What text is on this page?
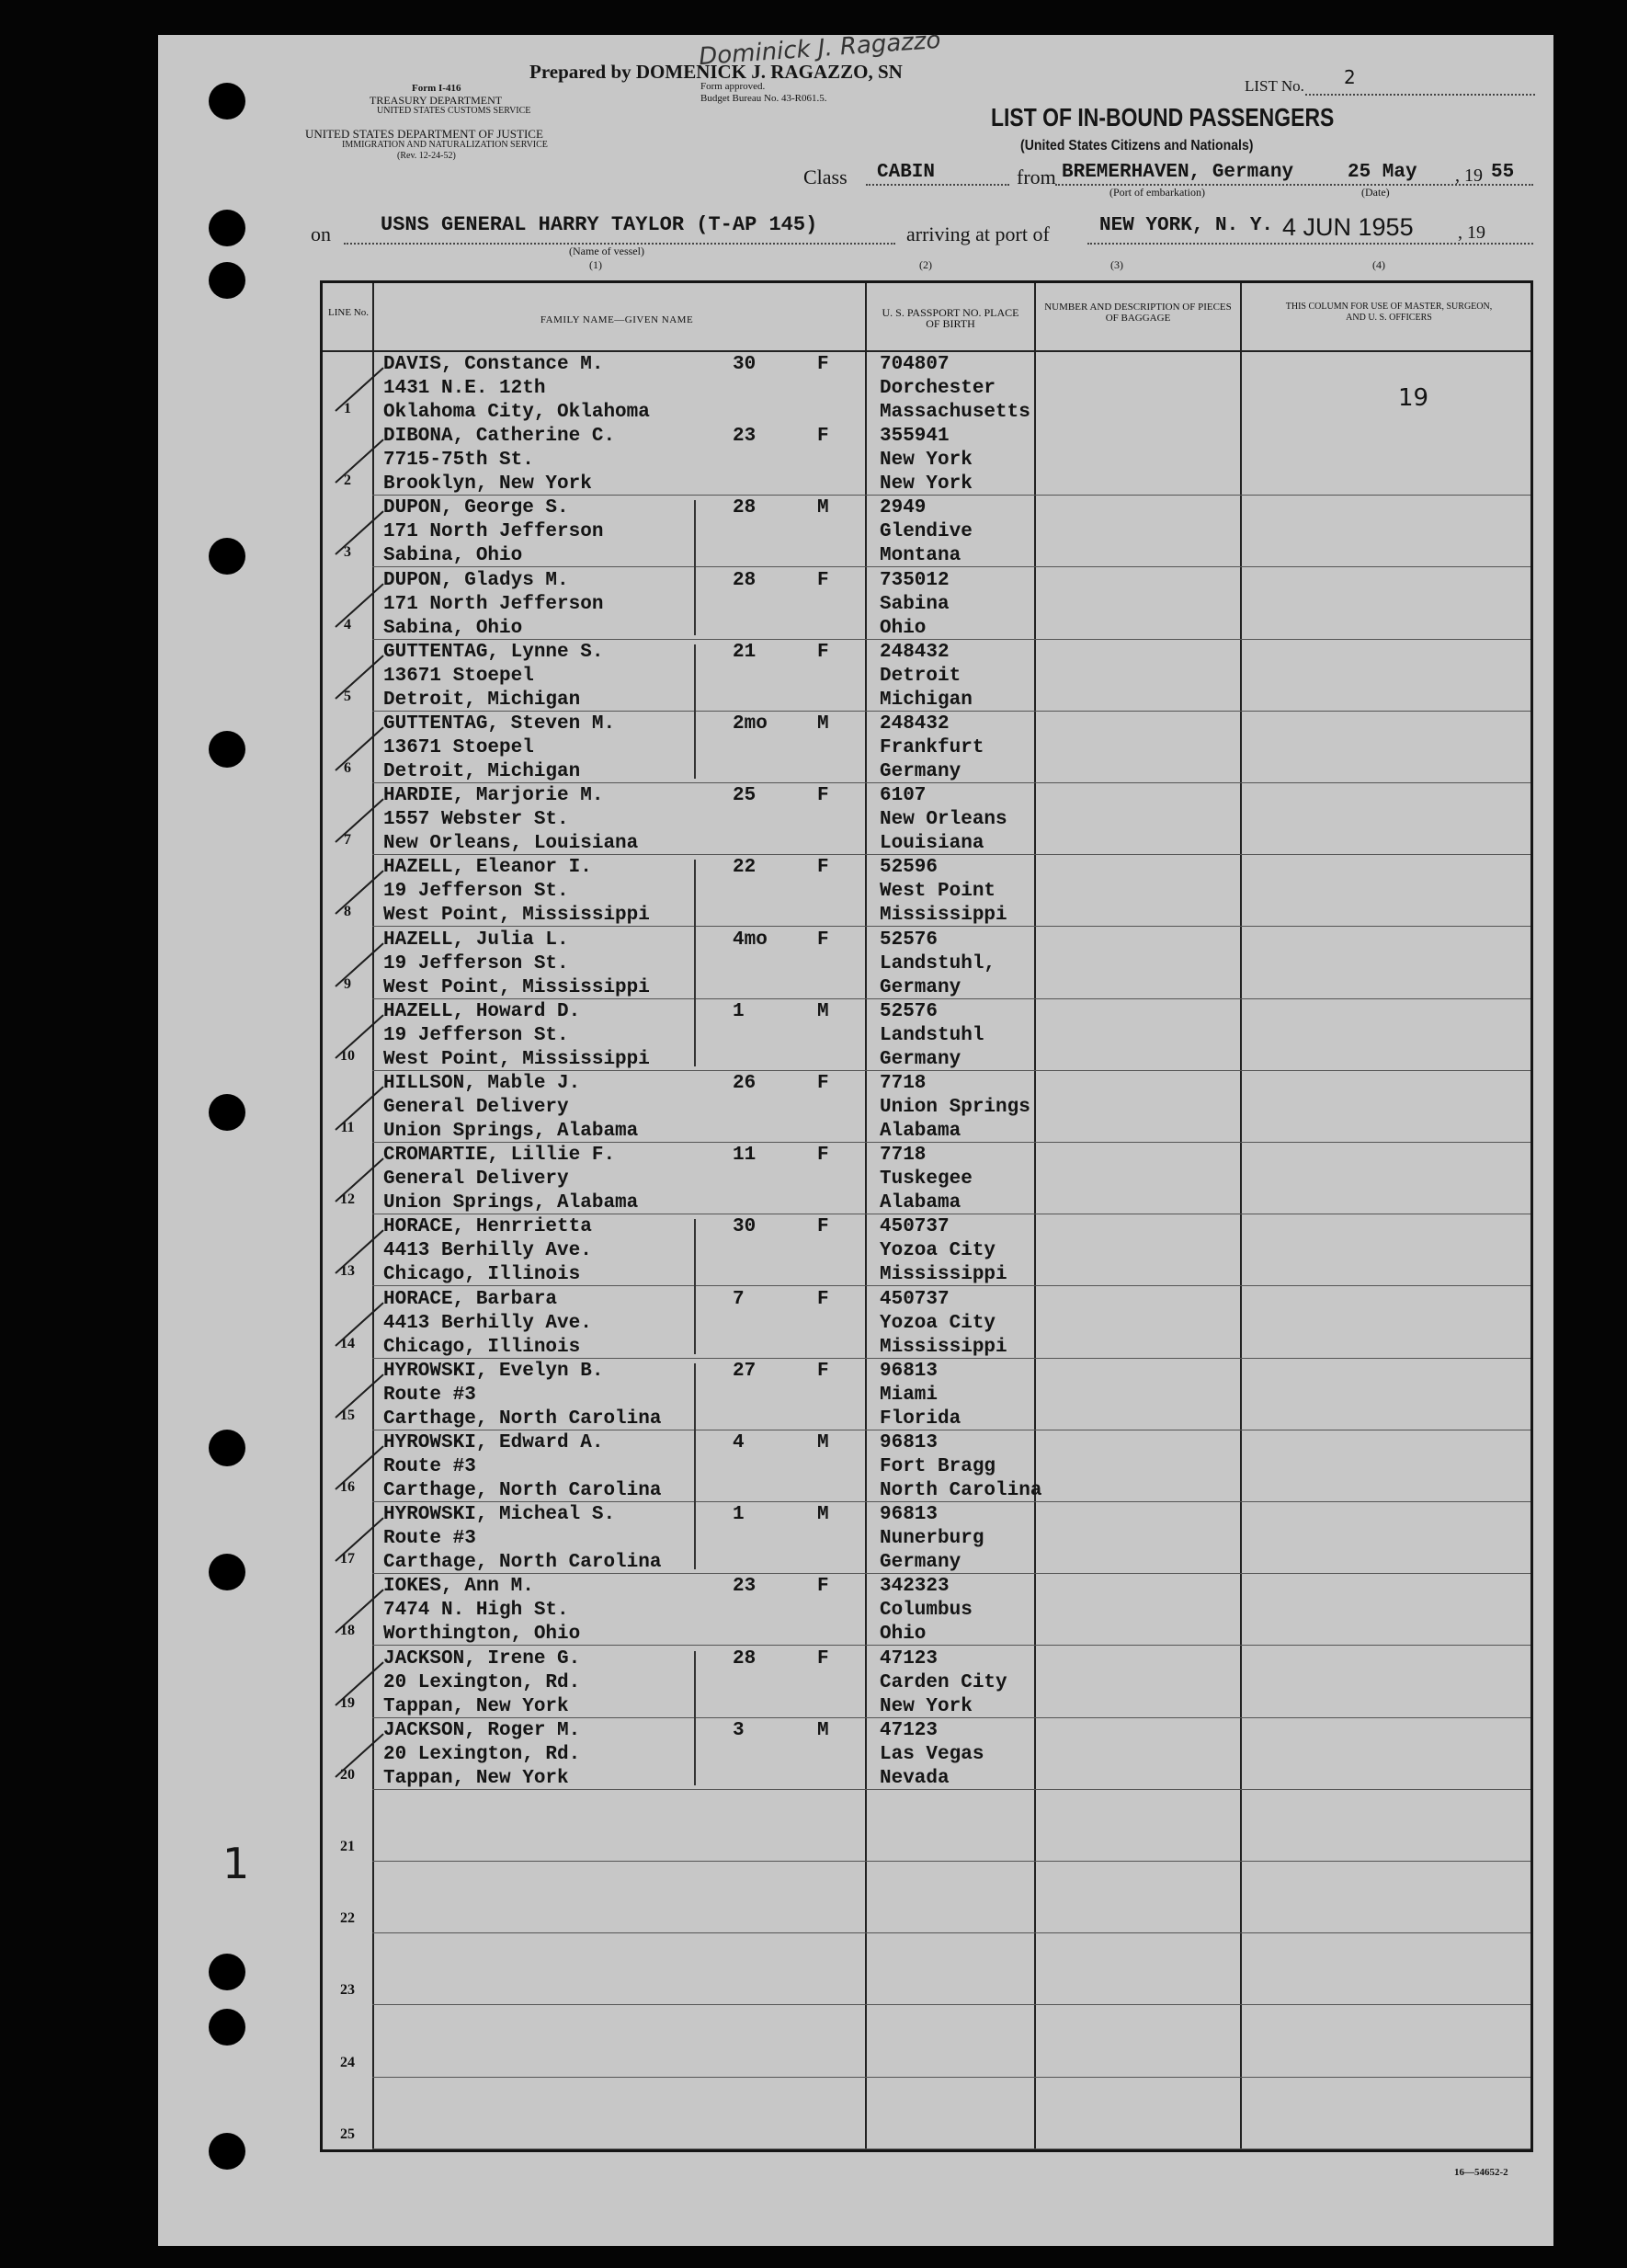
Prepared by DOMENICK J. RAGAZZO, SN
Dominick J. Ragazzo
Form I-416
TREASURY DEPARTMENT
UNITED STATES CUSTOMS SERVICE
Form approved.
Budget Bureau No. 43-R061.5.
UNITED STATES DEPARTMENT OF JUSTICE
IMMIGRATION AND NATURALIZATION SERVICE
(Rev. 12-24-52)
LIST No. 2
LIST OF IN-BOUND PASSENGERS
(United States Citizens and Nationals)
Class CABIN	from BREMERHAVEN, Germany	25 May , 19 55
(Port of embarkation)	(Date)
on USNS GENERAL HARRY TAYLOR (T-AP 145)	arriving at port of	NEW YORK, N. Y. 4 JUN 1955 , 19
(Name of vessel)
(1)	(2)	(3)	(4)
LINE No.
FAMILY NAME—GIVEN NAME
U. S. PASSPORT NO. PLACE OF BIRTH
NUMBER AND DESCRIPTION OF PIECES OF BAGGAGE
THIS COLUMN FOR USE OF MASTER, SURGEON, AND U. S. OFFICERS
1
DAVIS, Constance M.
1431 N.E. 12th
Oklahoma City, Oklahoma
30	F	704807
Dorchester
Massachusetts
2
DIBONA, Catherine C.
7715-75th St.
Brooklyn, New York
23	F	355941
New York
New York
3
DUPON, George S.
171 North Jefferson
Sabina, Ohio
28	M	2949
Glendive
Montana
4
DUPON, Gladys M.
171 North Jefferson
Sabina, Ohio
28	F	735012
Sabina
Ohio
5
GUTTENTAG, Lynne S.
13671 Stoepel
Detroit, Michigan
21	F	248432
Detroit
Michigan
6
GUTTENTAG, Steven M.
13671 Stoepel
Detroit, Michigan
2mo	M	248432
Frankfurt
Germany
7
HARDIE, Marjorie M.
1557 Webster St.
New Orleans, Louisiana
25	F	6107
New Orleans
Louisiana
8
HAZELL, Eleanor I.
19 Jefferson St.
West Point, Mississippi
22	F	52596
West Point
Mississippi
9
HAZELL, Julia L.
19 Jefferson St.
West Point, Mississippi
4mo	F	52576
Landstuhl,
Germany
10
HAZELL, Howard D.
19 Jefferson St.
West Point, Mississippi
1	M	52576
Landstuhl
Germany
11
HILLSON, Mable J.
General Delivery
Union Springs, Alabama
26	F	7718
Union Springs
Alabama
12
CROMARTIE, Lillie F.
General Delivery
Union Springs, Alabama
11	F	7718
Tuskegee
Alabama
13
HORACE, Henrrietta
4413 Berhilly Ave.
Chicago, Illinois
30	F	450737
Yozoa City
Mississippi
14
HORACE, Barbara
4413 Berhilly Ave.
Chicago, Illinois
7	F	450737
Yozoa City
Mississippi
15
HYROWSKI, Evelyn B.
Route #3
Carthage, North Carolina
27	F	96813
Miami
Florida
16
HYROWSKI, Edward A.
Route #3
Carthage, North Carolina
4	M	96813
Fort Bragg
North Carolina
17
HYROWSKI, Micheal S.
Route #3
Carthage, North Carolina
1	M	96813
Nunerburg
Germany
18
IOKES, Ann M.
7474 N. High St.
Worthington, Ohio
23	F	342323
Columbus
Ohio
19
JACKSON, Irene G.
20 Lexington, Rd.
Tappan, New York
28	F	47123
Carden City
New York
20
JACKSON, Roger M.
20 Lexington, Rd.
Tappan, New York
3	M	47123
Las Vegas
Nevada
21
22
23
24
25
19
1
16—54652-2
